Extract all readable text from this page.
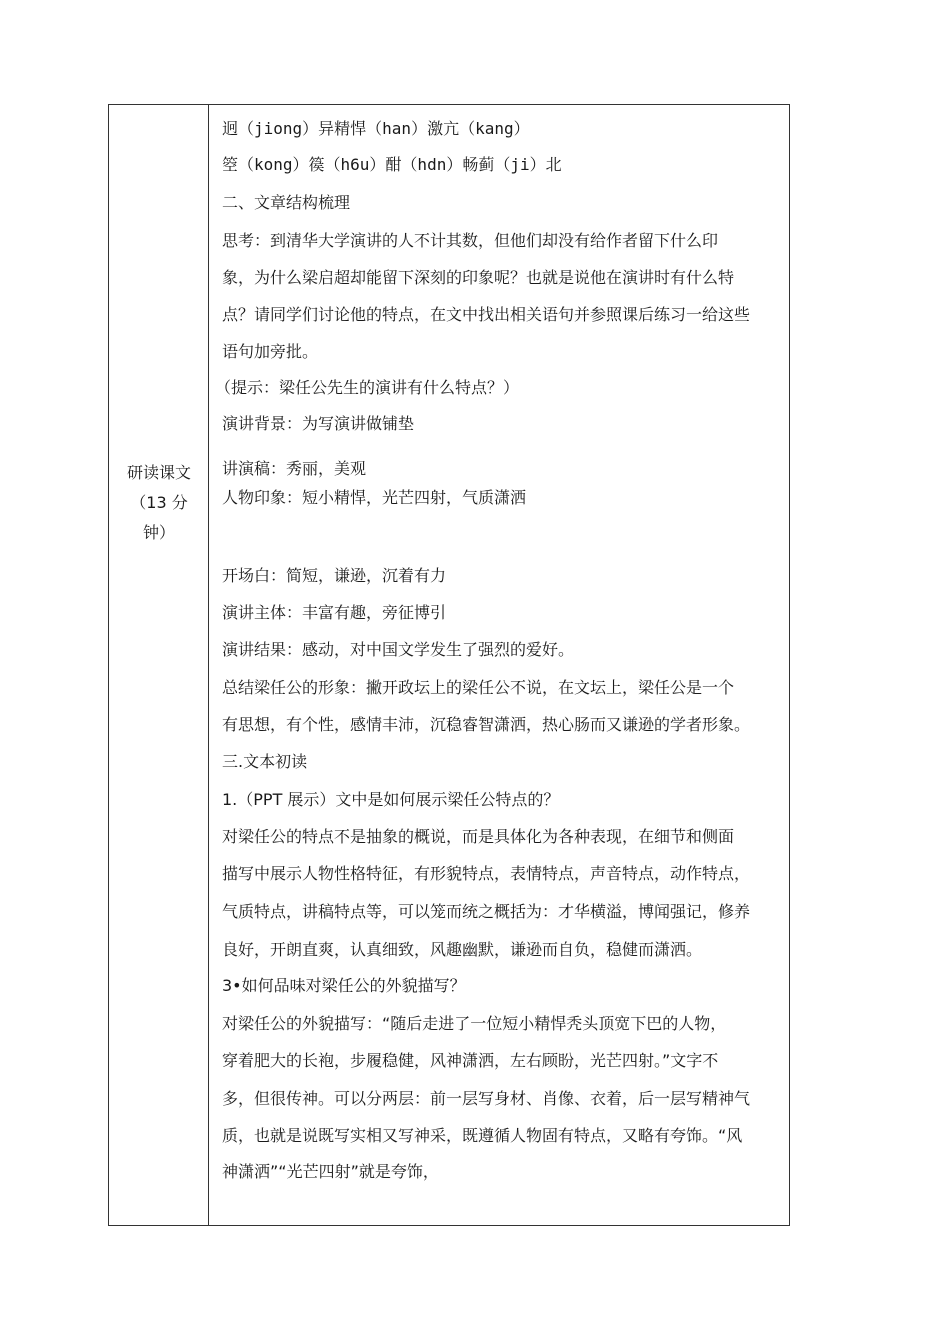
研读课文
（13 分
钟）
迥（jiong）异精悍（han）激亢（kang）
箜（kong）篌（h6u）酣（hdn）畅蓟（ji）北
二、文章结构梳理
思考：到清华大学演讲的人不计其数，但他们却没有给作者留下什么印
象，为什么梁启超却能留下深刻的印象呢？也就是说他在演讲时有什么特
点？请同学们讨论他的特点，在文中找出相关语句并参照课后练习一给这些
语句加旁批。
（提示：梁任公先生的演讲有什么特点？）
演讲背景：为写演讲做铺垫
讲演稿：秀丽，美观
人物印象：短小精悍，光芒四射，气质潇洒
开场白：简短，谦逊，沉着有力
演讲主体：丰富有趣，旁征博引
演讲结果：感动，对中国文学发生了强烈的爱好。
总结梁任公的形象：撇开政坛上的梁任公不说，在文坛上，梁任公是一个
有思想，有个性，感情丰沛，沉稳睿智潇洒，热心肠而又谦逊的学者形象。
三.文本初读
1.（PPT 展示）文中是如何展示梁任公特点的？
对梁任公的特点不是抽象的概说，而是具体化为各种表现，在细节和侧面
描写中展示人物性格特征，有形貌特点，表情特点，声音特点，动作特点，
气质特点，讲稿特点等，可以笼而统之概括为：才华横溢，博闻强记，修养
良好，开朗直爽，认真细致，风趣幽默，谦逊而自负，稳健而潇洒。
3•如何品味对梁任公的外貌描写？
对梁任公的外貌描写：“随后走进了一位短小精悍秃头顶宽下巴的人物，
穿着肥大的长袍，步履稳健，风神潇洒，左右顾盼，光芒四射。”文字不
多，但很传神。可以分两层：前一层写身材、肖像、衣着，后一层写精神气
质，也就是说既写实相又写神采，既遵循人物固有特点，又略有夸饰。“风
神潇洒”“光芒四射”就是夸饰，
